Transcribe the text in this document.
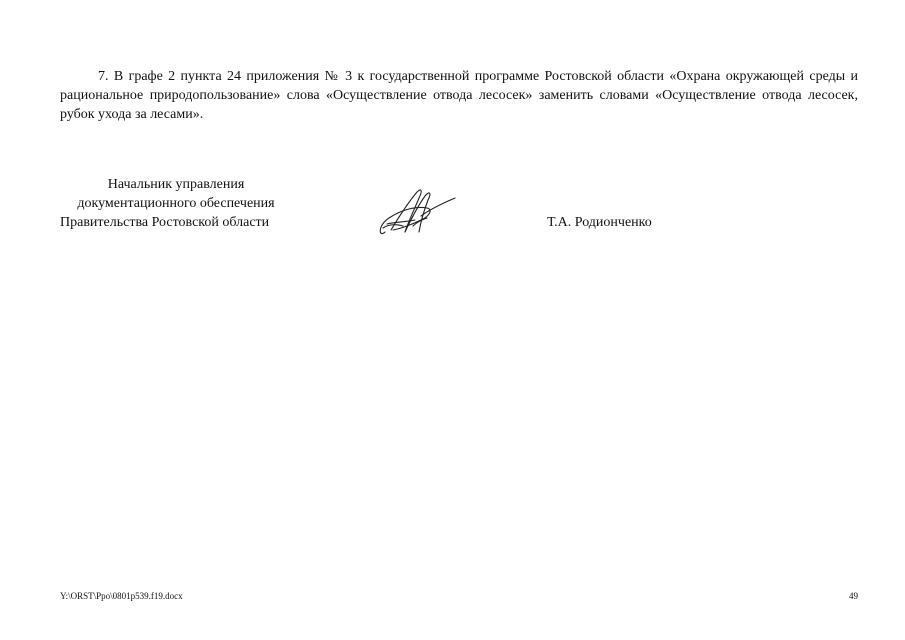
7. В графе 2 пункта 24 приложения № 3 к государственной программе Ростовской области «Охрана окружающей среды и рациональное природопользование» слова «Осуществление отвода лесосек» заменить словами «Осуществление отвода лесосек, рубок ухода за лесами».

Начальник управления
документационного обеспечения
Правительства Ростовской области	Т.А. Родионченко
Y:\ORST\Ppo\0801p539.f19.docx	49
